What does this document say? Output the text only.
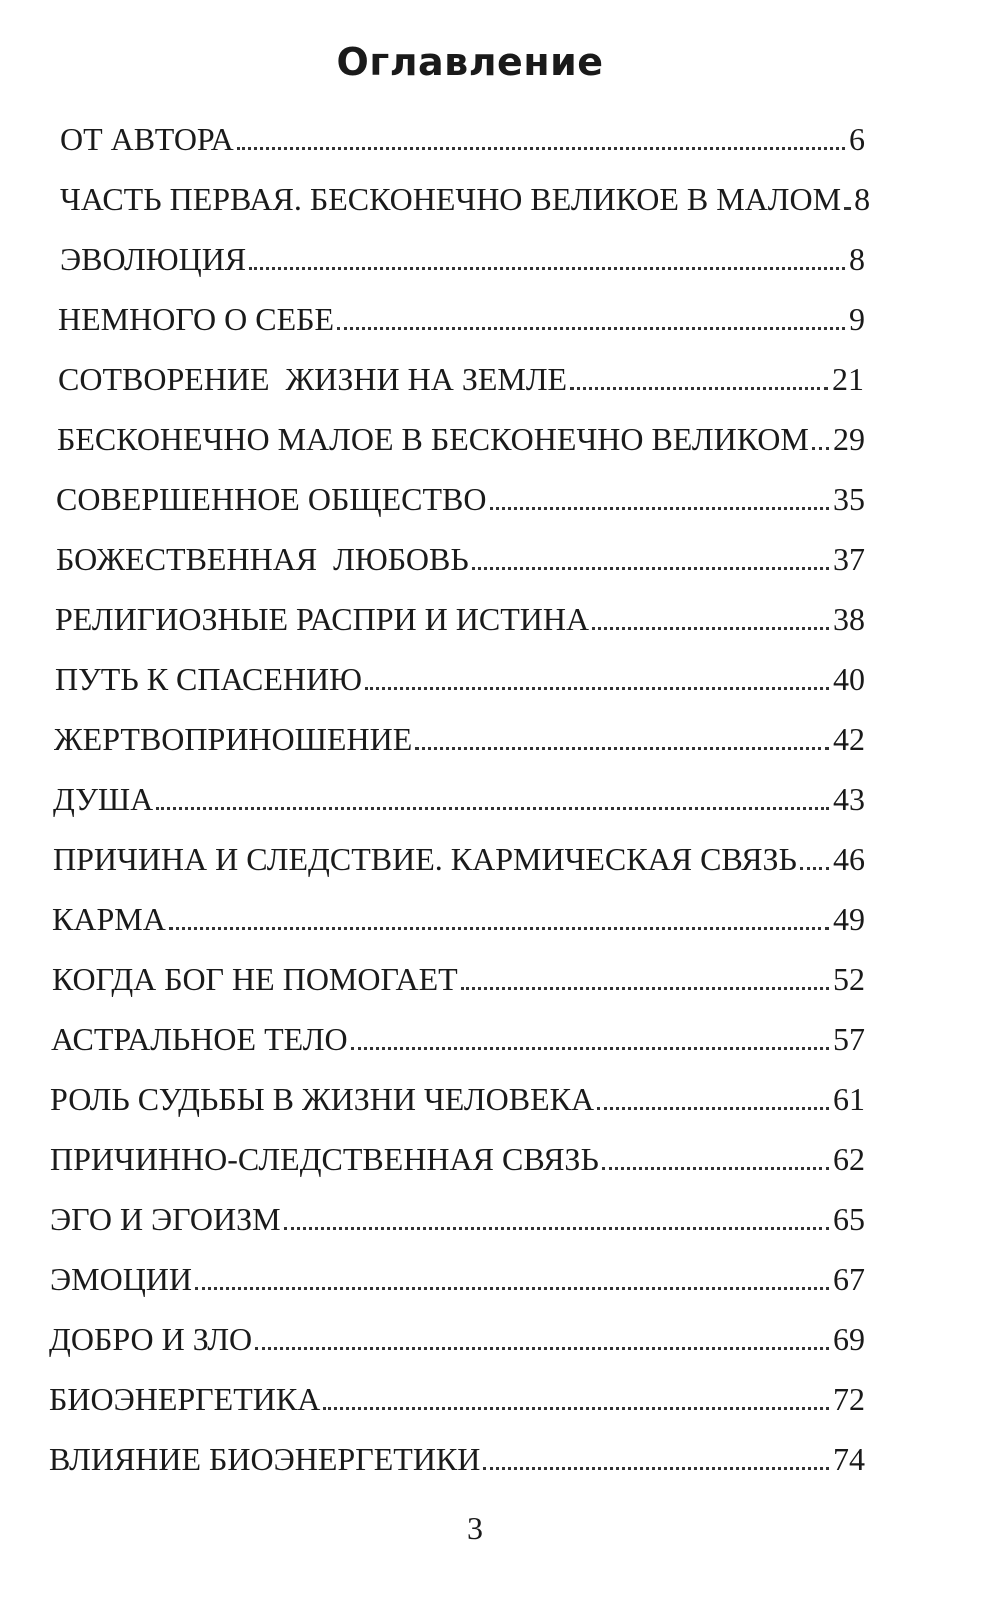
Оглавление
ОТ АВТОРА	6
ЧАСТЬ ПЕРВАЯ. БЕСКОНЕЧНО ВЕЛИКОЕ В МАЛОМ 8
ЭВОЛЮЦИЯ	8
НЕМНОГО О СЕБЕ	9
СОТВОРЕНИЕ  ЖИЗНИ НА ЗЕМЛЕ	21
БЕСКОНЕЧНО МАЛОЕ В БЕСКОНЕЧНО ВЕЛИКОМ 29
СОВЕРШЕННОЕ ОБЩЕСТВО	35
БОЖЕСТВЕННАЯ  ЛЮБОВЬ	37
РЕЛИГИОЗНЫЕ РАСПРИ И ИСТИНА	38
ПУТЬ К СПАСЕНИЮ	40
ЖЕРТВОПРИНОШЕНИЕ	42
ДУША	43
ПРИЧИНА И СЛЕДСТВИЕ. КАРМИЧЕСКАЯ СВЯЗЬ 46
КАРМА	49
КОГДА БОГ НЕ ПОМОГАЕТ	52
АСТРАЛЬНОЕ ТЕЛО	57
РОЛЬ СУДЬБЫ В ЖИЗНИ ЧЕЛОВЕКА	61
ПРИЧИННО-СЛЕДСТВЕННАЯ СВЯЗЬ	62
ЭГО И ЭГОИЗМ	65
ЭМОЦИИ	67
ДОБРО И ЗЛО	69
БИОЭНЕРГЕТИКА	72
ВЛИЯНИЕ БИОЭНЕРГЕТИКИ	74
3
